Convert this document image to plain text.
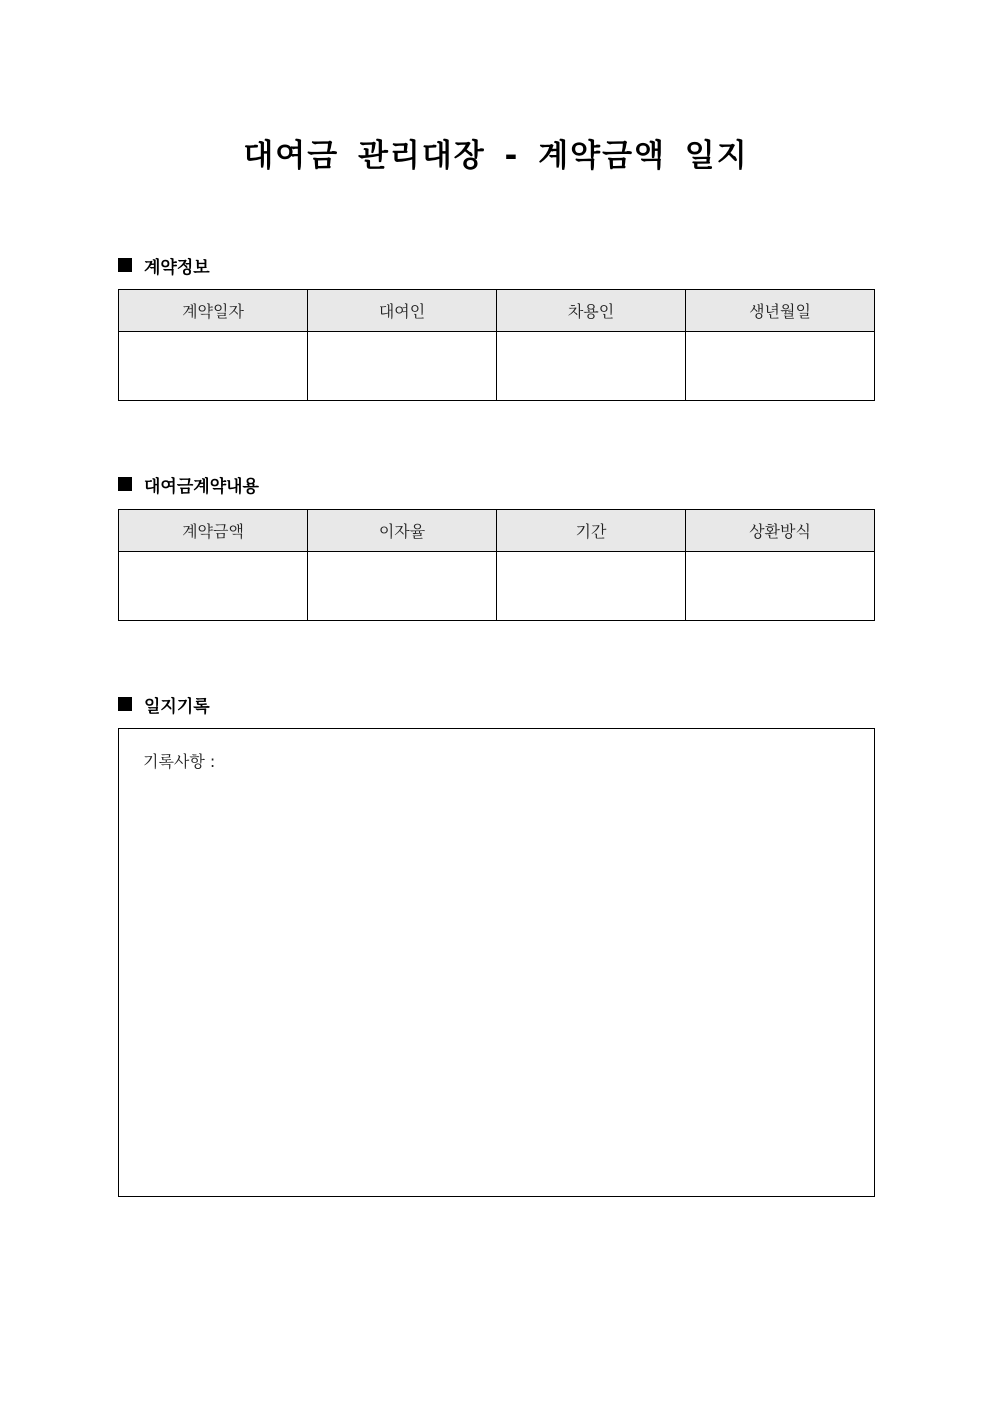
대여금 관리대장 - 계약금액 일지
계약정보
계약일자	대여인	차용인	생년월일

대여금계약내용
계약금액	이자율	기간	상환방식

일지기록
기록사항 :
